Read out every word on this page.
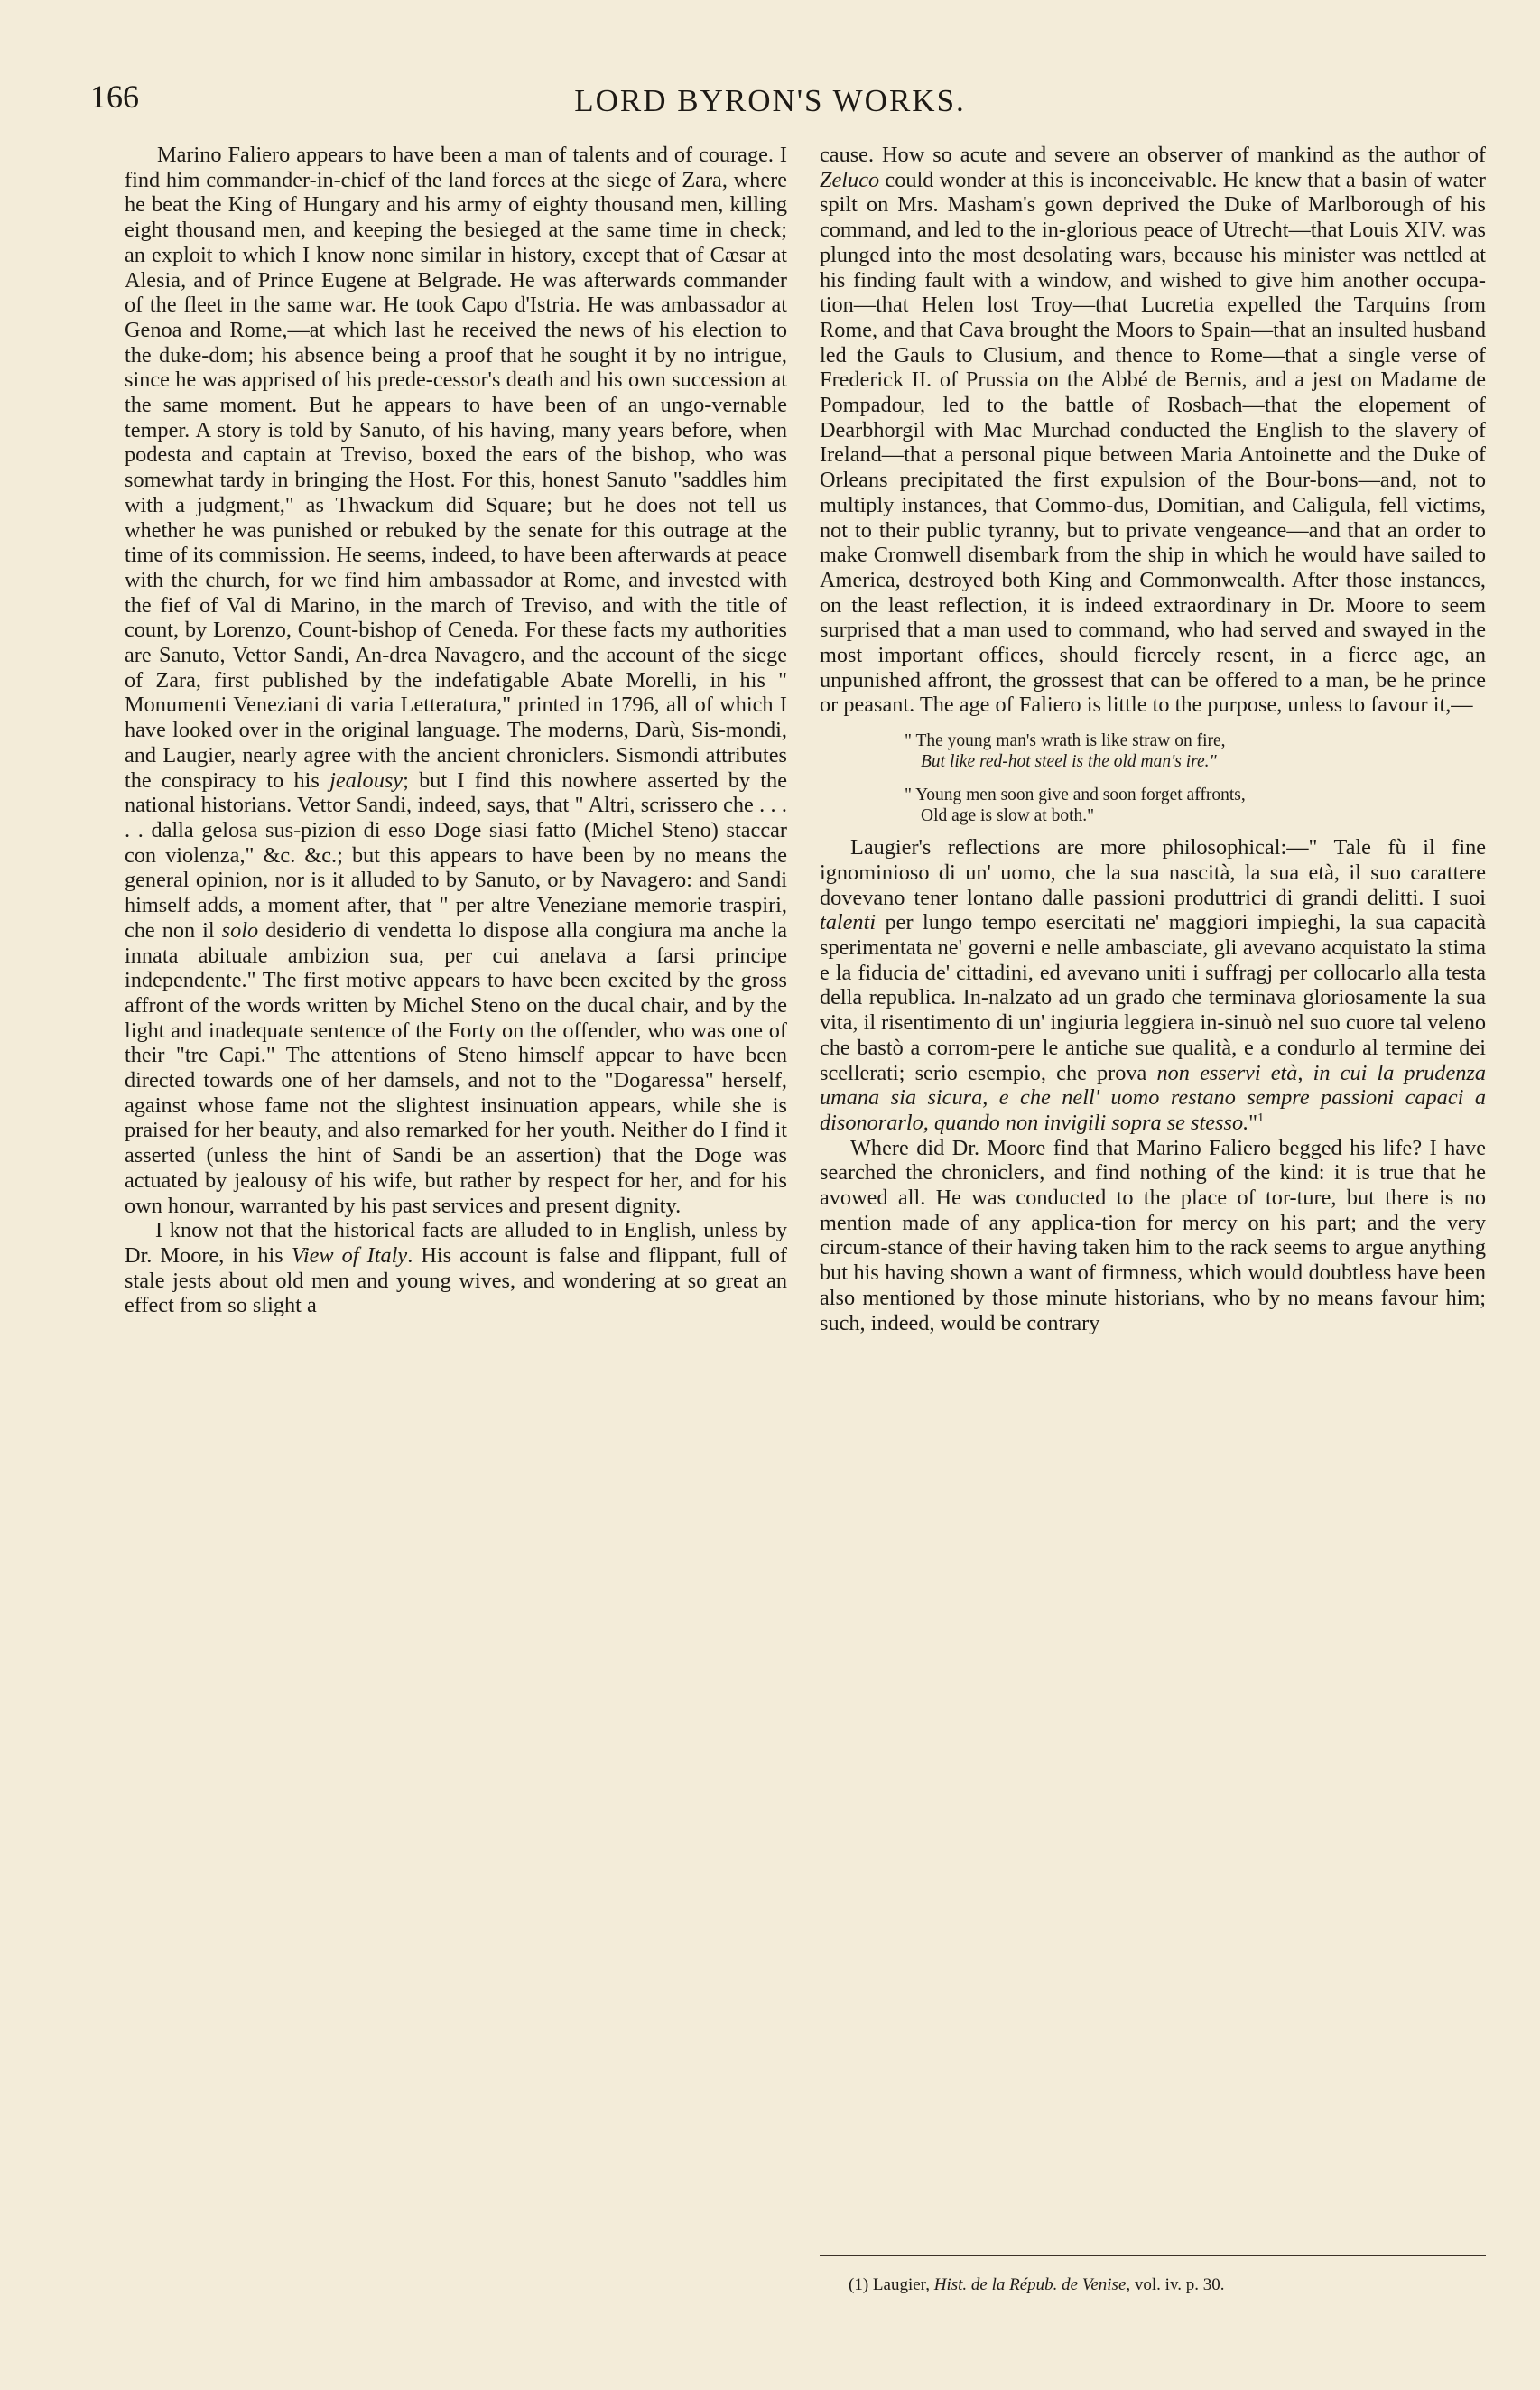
166	LORD BYRON'S WORKS.

Marino Faliero appears to have been a man of talents and of courage. I find him commander-in-chief of the land forces at the siege of Zara, where he beat the King of Hungary and his army of eighty thousand men, killing eight thousand men, and keeping the besieged at the same time in check; an exploit to which I know none similar in history, except that of Cæsar at Alesia, and of Prince Eugene at Belgrade. He was afterwards commander of the fleet in the same war. He took Capo d'Istria. He was ambassador at Genoa and Rome,—at which last he received the news of his election to the duke-dom; his absence being a proof that he sought it by no intrigue, since he was apprised of his prede-cessor's death and his own succession at the same moment. But he appears to have been of an ungo-vernable temper. A story is told by Sanuto, of his having, many years before, when podesta and captain at Treviso, boxed the ears of the bishop, who was somewhat tardy in bringing the Host. For this, honest Sanuto "saddles him with a judgment," as Thwackum did Square; but he does not tell us whether he was punished or rebuked by the senate for this outrage at the time of its commission. He seems, indeed, to have been afterwards at peace with the church, for we find him ambassador at Rome, and invested with the fief of Val di Marino, in the march of Treviso, and with the title of count, by Lorenzo, Count-bishop of Ceneda. For these facts my authorities are Sanuto, Vettor Sandi, An-drea Navagero, and the account of the siege of Zara, first published by the indefatigable Abate Morelli, in his " Monumenti Veneziani di varia Letteratura," printed in 1796, all of which I have looked over in the original language. The moderns, Darù, Sis-mondi, and Laugier, nearly agree with the ancient chroniclers. Sismondi attributes the conspiracy to his jealousy; but I find this nowhere asserted by the national historians. Vettor Sandi, indeed, says, that " Altri, scrissero che . . . . . dalla gelosa sus-pizion di esso Doge siasi fatto (Michel Steno) staccar con violenza," &c. &c.; but this appears to have been by no means the general opinion, nor is it alluded to by Sanuto, or by Navagero: and Sandi himself adds, a moment after, that " per altre Veneziane memorie traspiri, che non il solo desiderio di vendetta lo dispose alla congiura ma anche la innata abituale ambizion sua, per cui anelava a farsi principe independente." The first motive appears to have been excited by the gross affront of the words written by Michel Steno on the ducal chair, and by the light and inadequate sentence of the Forty on the offender, who was one of their "tre Capi." The attentions of Steno himself appear to have been directed towards one of her damsels, and not to the "Dogaressa" herself, against whose fame not the slightest insinuation appears, while she is praised for her beauty, and also remarked for her youth. Neither do I find it asserted (unless the hint of Sandi be an assertion) that the Doge was actuated by jealousy of his wife, but rather by respect for her, and for his own honour, warranted by his past services and present dignity.

I know not that the historical facts are alluded to in English, unless by Dr. Moore, in his View of Italy. His account is false and flippant, full of stale jests about old men and young wives, and wondering at so great an effect from so slight a

cause. How so acute and severe an observer of mankind as the author of Zeluco could wonder at this is inconceivable. He knew that a basin of water spilt on Mrs. Masham's gown deprived the Duke of Marlborough of his command, and led to the in-glorious peace of Utrecht—that Louis XIV. was plunged into the most desolating wars, because his minister was nettled at his finding fault with a window, and wished to give him another occupa-tion—that Helen lost Troy—that Lucretia expelled the Tarquins from Rome, and that Cava brought the Moors to Spain—that an insulted husband led the Gauls to Clusium, and thence to Rome—that a single verse of Frederick II. of Prussia on the Abbé de Bernis, and a jest on Madame de Pompadour, led to the battle of Rosbach—that the elopement of Dearbhorgil with Mac Murchad conducted the English to the slavery of Ireland—that a personal pique between Maria Antoinette and the Duke of Orleans precipitated the first expulsion of the Bour-bons—and, not to multiply instances, that Commo-dus, Domitian, and Caligula, fell victims, not to their public tyranny, but to private vengeance—and that an order to make Cromwell disembark from the ship in which he would have sailed to America, destroyed both King and Commonwealth. After those instances, on the least reflection, it is indeed extraordinary in Dr. Moore to seem surprised that a man used to command, who had served and swayed in the most important offices, should fiercely resent, in a fierce age, an unpunished affront, the grossest that can be offered to a man, be he prince or peasant. The age of Faliero is little to the purpose, unless to favour it,—

" The young man's wrath is like straw on fire,
But like red-hot steel is the old man's ire."
" Young men soon give and soon forget affronts,
Old age is slow at both."

Laugier's reflections are more philosophical:—" Tale fù il fine ignominioso di un' uomo, che la sua nascità, la sua età, il suo carattere dovevano tener lontano dalle passioni produttrici di grandi delitti. I suoi talenti per lungo tempo esercitati ne' maggiori impieghi, la sua capacità sperimentata ne' governi e nelle ambasciate, gli avevano acquistato la stima e la fiducia de' cittadini, ed avevano uniti i suffragj per collocarlo alla testa della republica. In-nalzato ad un grado che terminava gloriosamente la sua vita, il risentimento di un' ingiuria leggiera in-sinuò nel suo cuore tal veleno che bastò a corrom-pere le antiche sue qualità, e a condurlo al termine dei scellerati; serio esempio, che prova non esservi età, in cui la prudenza umana sia sicura, e che nell' uomo restano sempre passioni capaci a disonorarlo, quando non invigili sopra se stesso."$^1$

Where did Dr. Moore find that Marino Faliero begged his life? I have searched the chroniclers, and find nothing of the kind: it is true that he avowed all. He was conducted to the place of tor-ture, but there is no mention made of any applica-tion for mercy on his part; and the very circum-stance of their having taken him to the rack seems to argue anything but his having shown a want of firmness, which would doubtless have been also mentioned by those minute historians, who by no means favour him; such, indeed, would be contrary

(1) Laugier, Hist. de la Répub. de Venise, vol. iv. p. 30.
